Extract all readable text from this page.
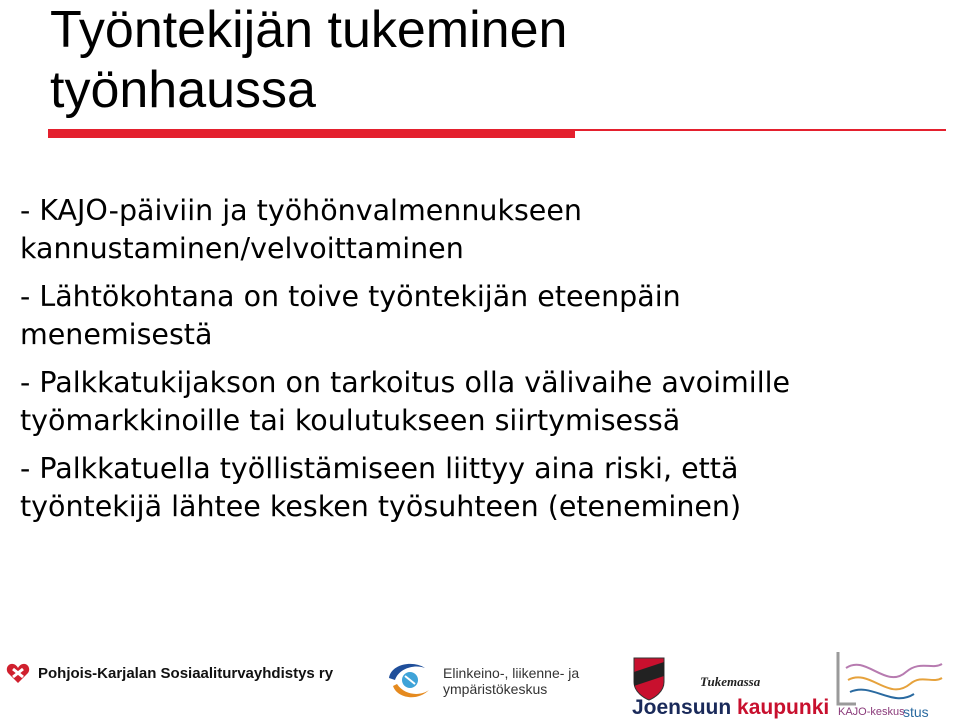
Työntekijän tukeminen
työnhaussa

- KAJO-päiviin ja työhönvalmennukseen
kannustaminen/velvoittaminen

- Lähtökohtana on toive työntekijän eteenpäin
menemisestä

- Palkkatukijakson on tarkoitus olla välivaihe avoimille
työmarkkinoille tai koulutukseen siirtymisessä

- Palkkatuella työllistämiseen liittyy aina riski, että
työntekijä lähtee kesken työsuhteen (eteneminen)

Pohjois-Karjalan Sosiaaliturvayhdistys ry	Elinkeino-, liikenne- ja
ympäristökeskus	Tukemassa
Joensuun kaupunki KAJO-keskus
stus
